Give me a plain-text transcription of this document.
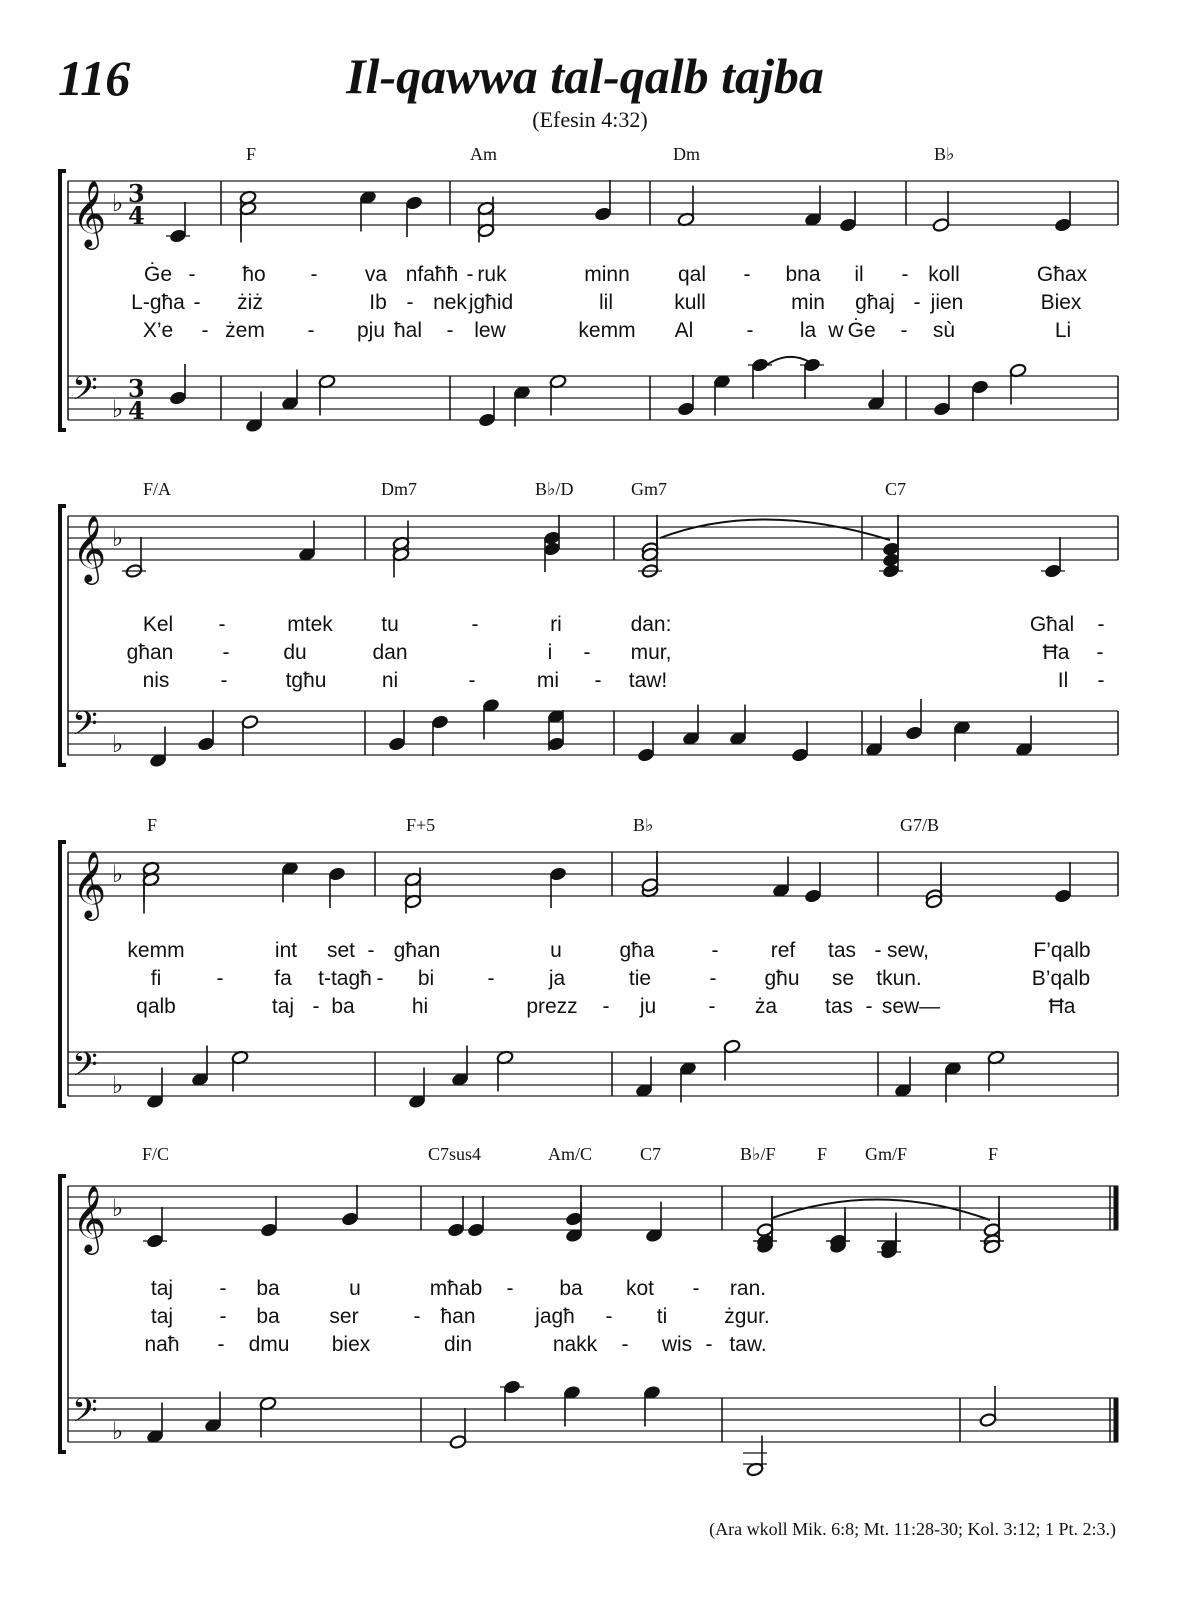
116	Il-qawwa tal-qalb tajba
(Efesin 4:32)
𝄞
𝄢
♭
♭
3
4
3
4
𝄞
𝄢
♭
♭
𝄞
𝄢
♭
♭
𝄞
𝄢
♭
♭
F	Am	Dm	B♭
F/A	Dm7	B♭/D	Gm7	C7
F	F+5	B♭	G7/B
F/C	C7sus4	Am/C	C7	B♭/F F Gm/F	F
Ġe - ħo - va nfaħħ - ruk	minn qal - bna il - koll	Għax
L-għa - żiż	Ib - nek jgħid	lil	kull	min għaj - jien	Biex
X’e - żem - pju ħal - lew	kemm Al	- la w Ġe - sù	Li
Kel -	mtek tu	-	ri	dan:	Għal -
għan -	du	dan	i - mur,	Ħa -
nis -	tgħu	ni	-	mi - taw!	Il -
kemm	int set - għan	u	għa	- ref tas - sew,	F’qalb
fi	- fa t-tagħ - bi	-	ja	tie	- għu se tkun.	B’qalb
qalb	taj - ba	hi	prezz - ju - ża tas - sew—	Ħa
taj - ba	u	mħab - ba kot - ran.
taj - ba ser	- ħan	jagħ - ti	żgur.
naħ - dmu biex	din	nakk - wis - taw.
(Ara wkoll Mik. 6:8; Mt. 11:28-30; Kol. 3:12; 1 Pt. 2:3.)
